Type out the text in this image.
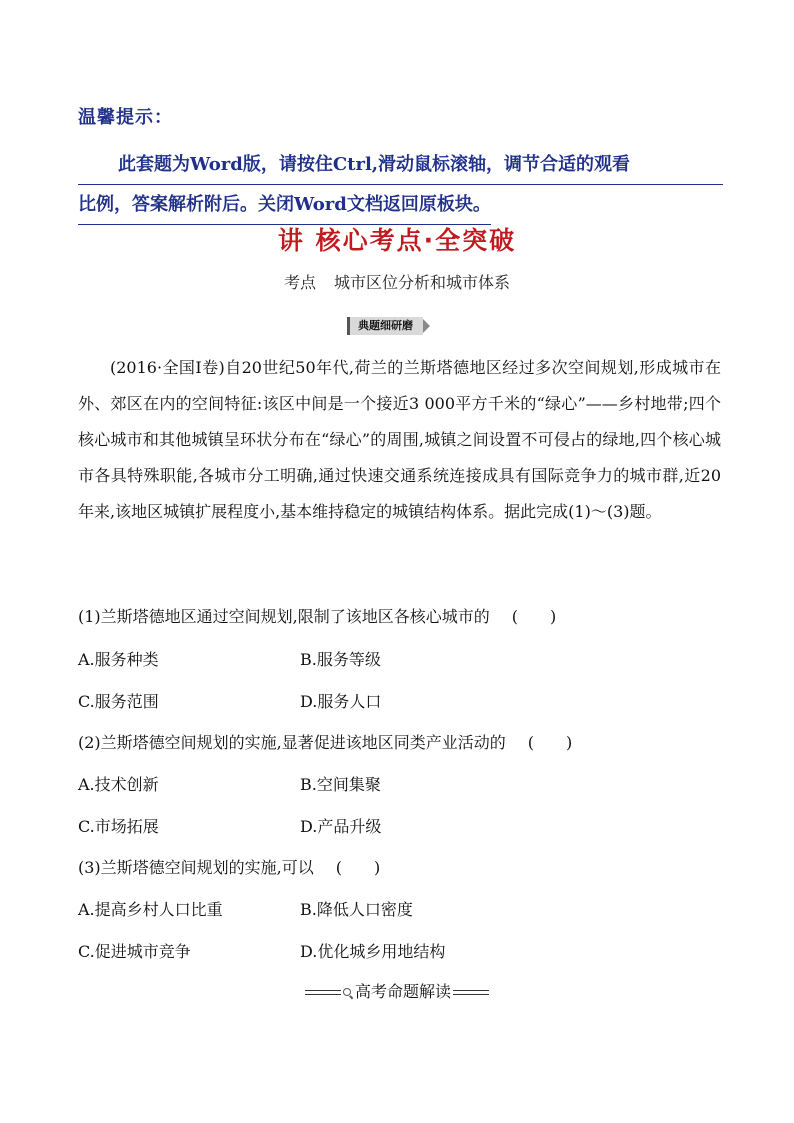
温馨提示：
此套题为Word版，请按住Ctrl,滑动鼠标滚轴，调节合适的观看
比例，答案解析附后。关闭Word文档返回原板块。
讲 核心考点·全突破
考点 城市区位分析和城市体系
典题细研磨
(2016·全国Ⅰ卷)自20世纪50年代,荷兰的兰斯塔德地区经过多次空间规划,形成城市在外、郊区在内的空间特征:该区中间是一个接近3 000平方千米的“绿心”——乡村地带;四个核心城市和其他城镇呈环状分布在“绿心”的周围,城镇之间设置不可侵占的绿地,四个核心城市各具特殊职能,各城市分工明确,通过快速交通系统连接成具有国际竞争力的城市群,近20年来,该地区城镇扩展程度小,基本维持稳定的城镇结构体系。据此完成(1)～(3)题。
(1)兰斯塔德地区通过空间规划,限制了该地区各核心城市的 (　　)
A.服务种类	B.服务等级
C.服务范围	D.服务人口
(2)兰斯塔德空间规划的实施,显著促进该地区同类产业活动的 (　　)
A.技术创新	B.空间集聚
C.市场拓展	D.产品升级
(3)兰斯塔德空间规划的实施,可以 (　　)
A.提高乡村人口比重	B.降低人口密度
C.促进城市竞争	D.优化城乡用地结构
高考命题解读
